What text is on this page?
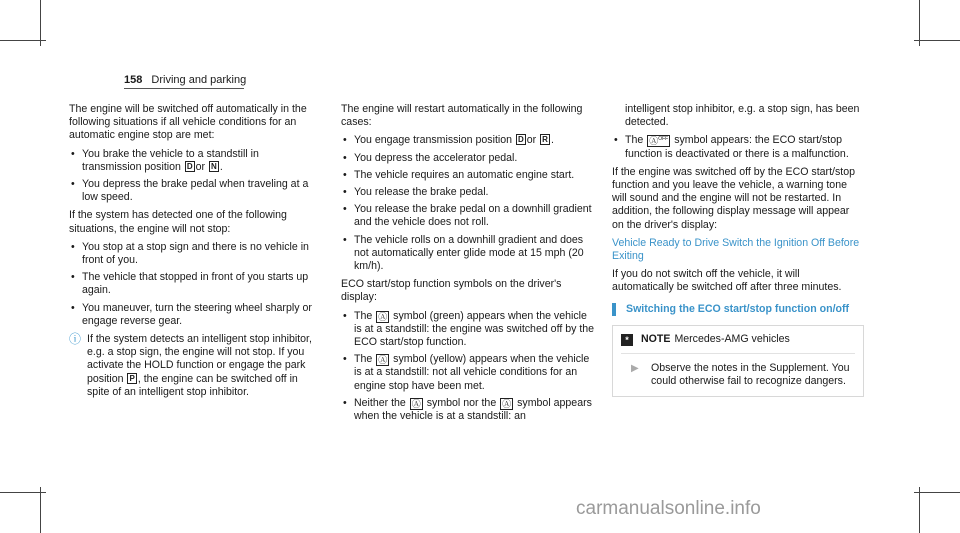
158 Driving and parking

The engine will be switched off automatically in the following situations if all vehicle conditions for an automatic engine stop are met:

• You brake the vehicle to a standstill in transmission position D or N .
• You depress the brake pedal when traveling at a low speed.

If the system has detected one of the following situations, the engine will not stop:

• You stop at a stop sign and there is no vehicle in front of you.
• The vehicle that stopped in front of you starts up again.
• You maneuver, turn the steering wheel sharply or engage reverse gear.
ⓘ If the system detects an intelligent stop inhibitor, e.g. a stop sign, the engine will not stop. If you activate the HOLD function or engage the park position P , the engine can be switched off in spite of an intelligent stop inhibitor.

The engine will restart automatically in the following cases:

• You engage transmission position D or R .
• You depress the accelerator pedal.
• The vehicle requires an automatic engine start.
• You release the brake pedal.
• You release the brake pedal on a downhill gradient and the vehicle does not roll.
• The vehicle rolls on a downhill gradient and does not automatically enter glide mode at 15 mph (20 km/h).

ECO start/stop function symbols on the driver's display:

• The Ⓐ symbol (green) appears when the vehicle is at a standstill: the engine was switched off by the ECO start/stop function.
• The Ⓐ symbol (yellow) appears when the vehicle is at a standstill: not all vehicle conditions for an engine stop have been met.
• Neither the Ⓐ symbol nor the Ⓐ symbol appears when the vehicle is at a standstill: an

intelligent stop inhibitor, e.g. a stop sign, has been detected.

• The Ⓐ$^{OFF}$ symbol appears: the ECO start/stop function is deactivated or there is a malfunction.

If the engine was switched off by the ECO start/stop function and you leave the vehicle, a warning tone will sound and the engine will not be restarted. In addition, the following display message will appear on the driver's display:

Vehicle Ready to Drive Switch the Ignition Off Before Exiting

If you do not switch off the vehicle, it will automatically be switched off after three minutes.

Switching the ECO start/stop function on/off
* NOTE Mercedes-AMG vehicles
▶ Observe the notes in the Supplement. You could otherwise fail to recognize dangers.
carmanualsonline.info
